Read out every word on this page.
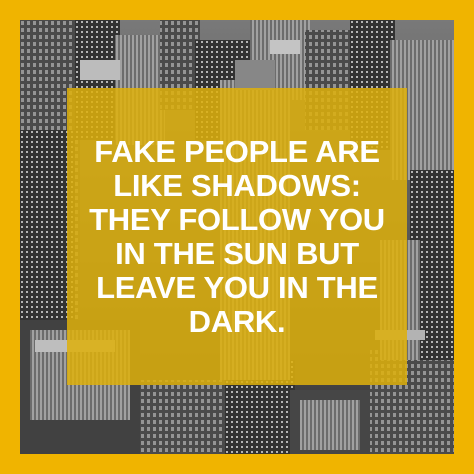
FAKE PEOPLE ARE
LIKE SHADOWS:
THEY FOLLOW YOU
IN THE SUN BUT
LEAVE YOU IN THE
DARK.
